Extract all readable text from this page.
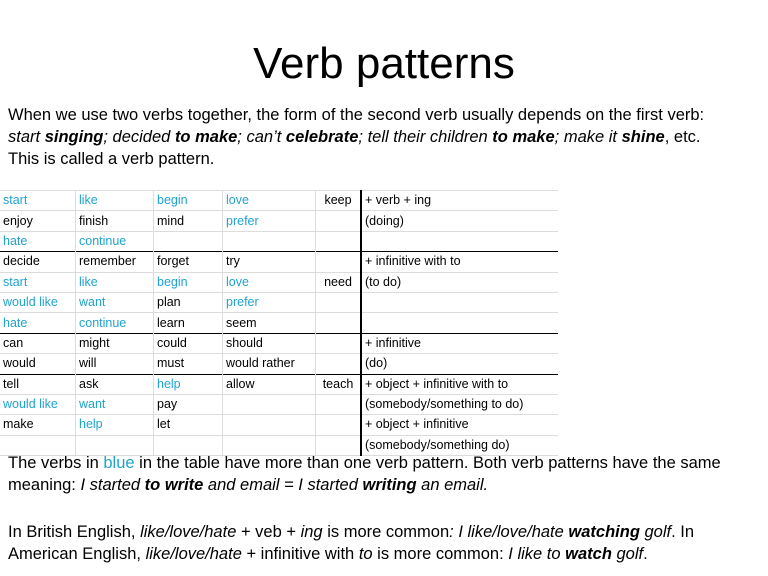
Verb patterns
When we use two verbs together, the form of the second verb usually depends on the first verb:
start singing; decided to make; can’t celebrate; tell their children to make; make it shine, etc.
This is called a verb pattern.
start	like	begin	love	keep	+ verb + ing
enjoy	finish	mind	prefer		(doing)
hate	continue				
decide	remember	forget	try		+ infinitive with to
start	like	begin	love	need	(to do)
would like	want	plan	prefer		
hate	continue	learn	seem		
can	might	could	should		+ infinitive
would	will	must	would rather		(do)
tell	ask	help	allow	teach	+ object + infinitive with to
would like	want	pay			(somebody/something to do)
make	help	let			+ object + infinitive
					(somebody/something do)
The verbs in blue in the table have more than one verb pattern. Both verb patterns have the same meaning: I started to write and email = I started writing an email.
In British English, like/love/hate + veb + ing is more common: I like/love/hate watching golf. In American English, like/love/hate + infinitive with to is more common: I like to watch golf.
